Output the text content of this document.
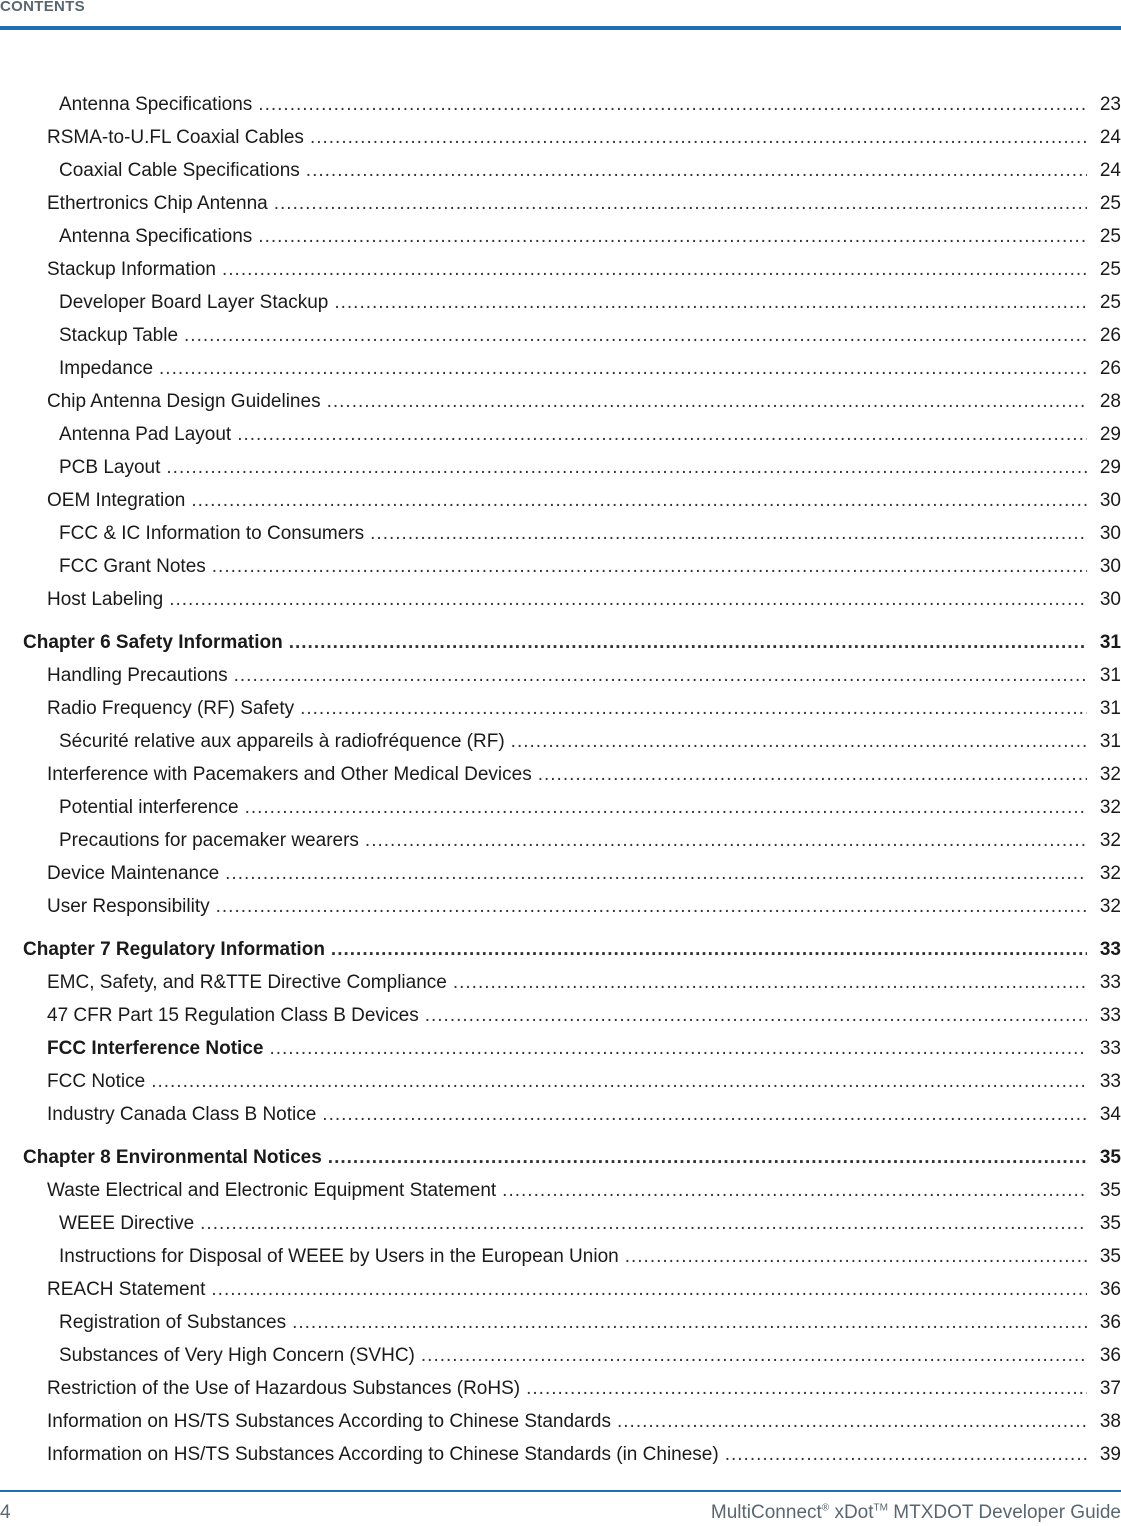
CONTENTS
Antenna Specifications .....	23
RSMA-to-U.FL Coaxial Cables .....	24
Coaxial Cable Specifications .....	24
Ethertronics Chip Antenna .....	25
Antenna Specifications .....	25
Stackup Information .....	25
Developer Board Layer Stackup .....	25
Stackup Table .....	26
Impedance .....	26
Chip Antenna Design Guidelines .....	28
Antenna Pad Layout .....	29
PCB Layout .....	29
OEM Integration .....	30
FCC & IC Information to Consumers .....	30
FCC Grant Notes .....	30
Host Labeling .....	30
Chapter 6 Safety Information .....	31
Handling Precautions .....	31
Radio Frequency (RF) Safety .....	31
Sécurité relative aux appareils à radiofréquence (RF) .....	31
Interference with Pacemakers and Other Medical Devices .....	32
Potential interference .....	32
Precautions for pacemaker wearers .....	32
Device Maintenance .....	32
User Responsibility .....	32
Chapter 7 Regulatory Information .....	33
EMC, Safety, and R&TTE Directive Compliance .....	33
47 CFR Part 15 Regulation Class B Devices .....	33
FCC Interference Notice .....	33
FCC Notice .....	33
Industry Canada Class B Notice .....	34
Chapter 8 Environmental Notices .....	35
Waste Electrical and Electronic Equipment Statement .....	35
WEEE Directive .....	35
Instructions for Disposal of WEEE by Users in the European Union .....	35
REACH Statement .....	36
Registration of Substances .....	36
Substances of Very High Concern (SVHC) .....	36
Restriction of the Use of Hazardous Substances (RoHS) .....	37
Information on HS/TS Substances According to Chinese Standards .....	38
Information on HS/TS Substances According to Chinese Standards (in Chinese) .....	39
4	MultiConnect® xDot™ MTXDOT Developer Guide
